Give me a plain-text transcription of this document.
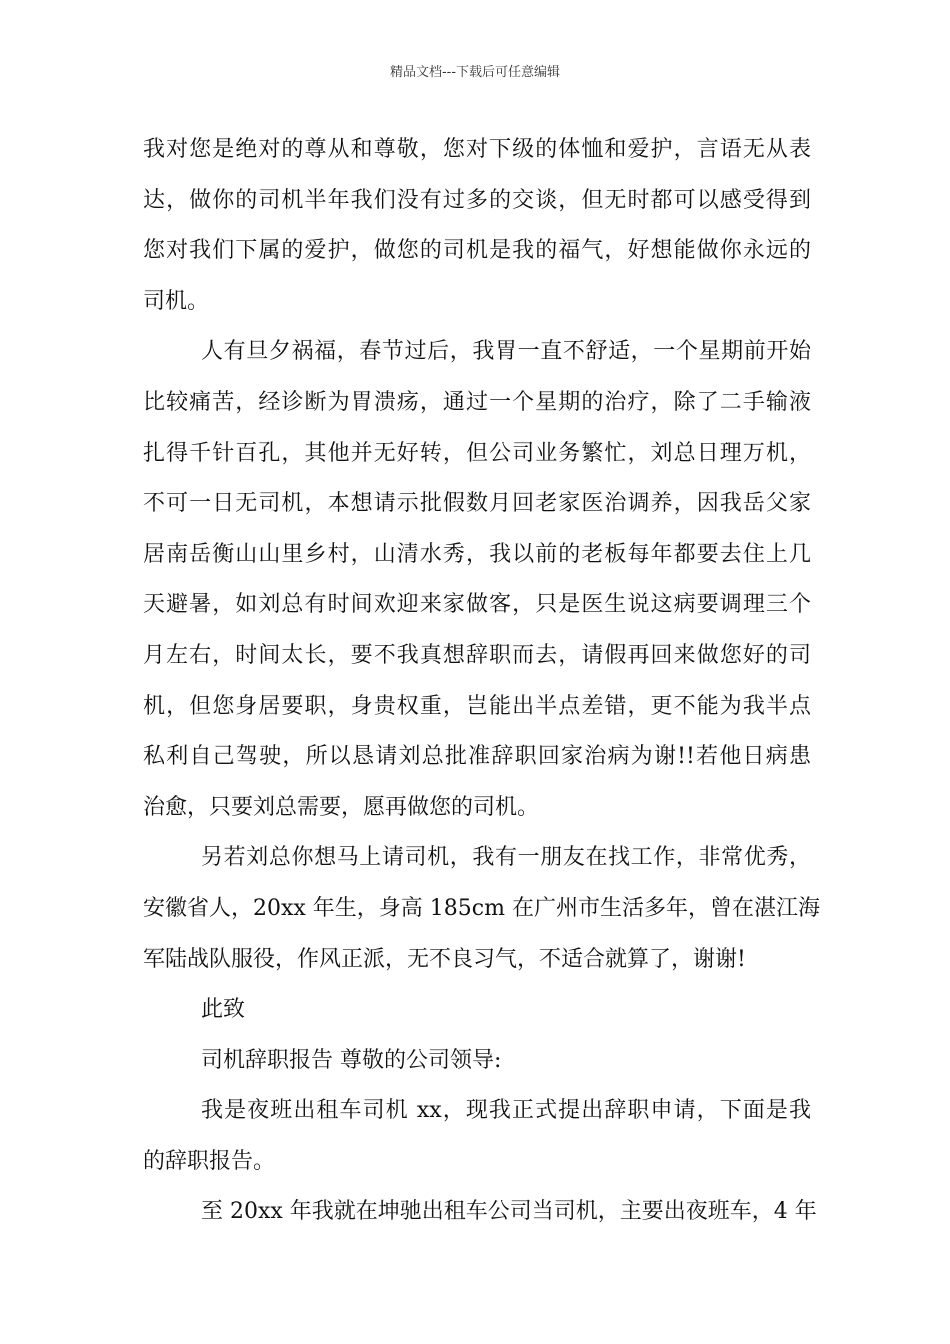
精品文档---下载后可任意编辑
我对您是绝对的尊从和尊敬，您对下级的体恤和爱护，言语无从表
达，做你的司机半年我们没有过多的交谈，但无时都可以感受得到
您对我们下属的爱护，做您的司机是我的福气，好想能做你永远的
司机。
人有旦夕祸福，春节过后，我胃一直不舒适，一个星期前开始
比较痛苦，经诊断为胃溃疡，通过一个星期的治疗，除了二手输液
扎得千针百孔，其他并无好转，但公司业务繁忙，刘总日理万机，
不可一日无司机，本想请示批假数月回老家医治调养，因我岳父家
居南岳衡山山里乡村，山清水秀，我以前的老板每年都要去住上几
天避暑，如刘总有时间欢迎来家做客，只是医生说这病要调理三个
月左右，时间太长，要不我真想辞职而去，请假再回来做您好的司
机，但您身居要职，身贵权重，岂能出半点差错，更不能为我半点
私利自己驾驶，所以恳请刘总批准辞职回家治病为谢!!若他日病患
治愈，只要刘总需要，愿再做您的司机。
另若刘总你想马上请司机，我有一朋友在找工作，非常优秀，
安徽省人，20xx 年生，身高 185cm 在广州市生活多年，曾在湛江海
军陆战队服役，作风正派，无不良习气，不适合就算了，谢谢!
此致
司机辞职报告 尊敬的公司领导:
我是夜班出租车司机 xx，现我正式提出辞职申请，下面是我
的辞职报告。
至 20xx 年我就在坤驰出租车公司当司机，主要出夜班车，4 年
